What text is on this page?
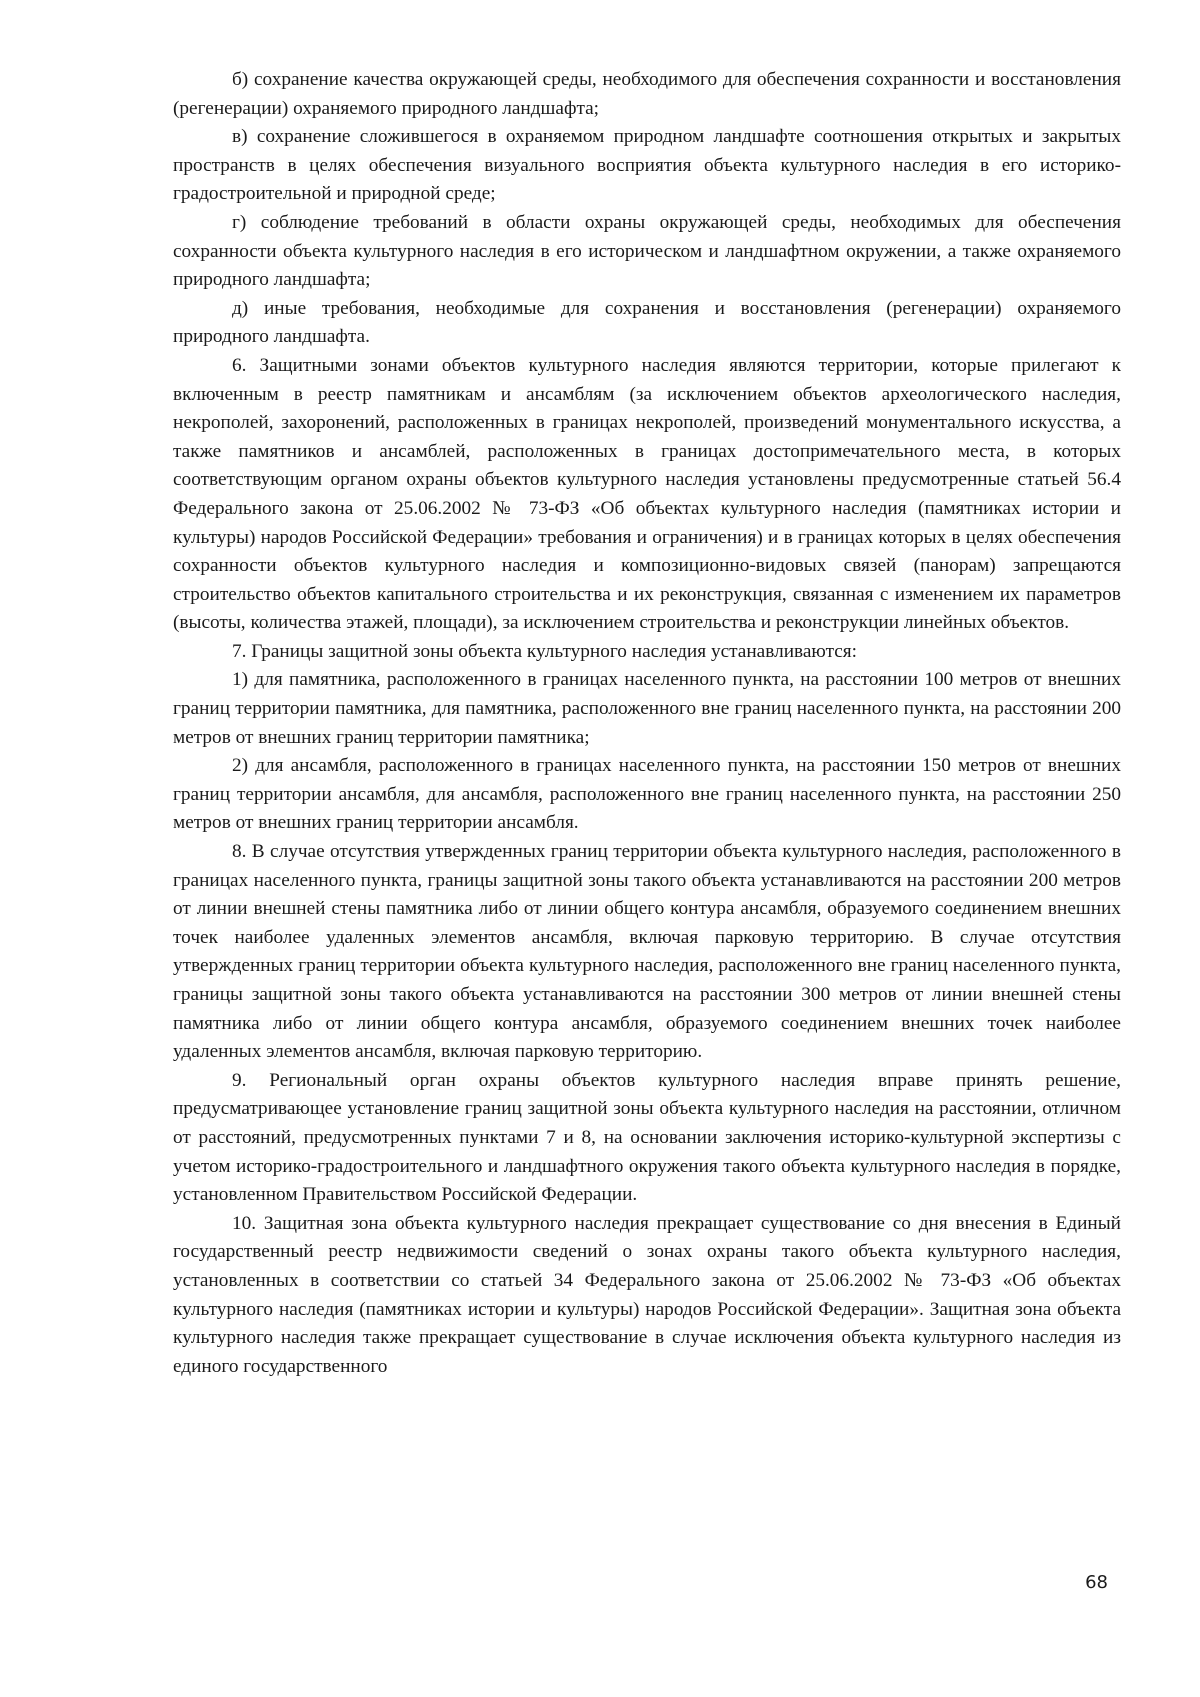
б) сохранение качества окружающей среды, необходимого для обеспечения сохранности и восстановления (регенерации) охраняемого природного ландшафта;

в) сохранение сложившегося в охраняемом природном ландшафте соотношения открытых и закрытых пространств в целях обеспечения визуального восприятия объекта культурного наследия в его историко-градостроительной и природной среде;

г) соблюдение требований в области охраны окружающей среды, необходимых для обеспечения сохранности объекта культурного наследия в его историческом и ландшафтном окружении, а также охраняемого природного ландшафта;

д) иные требования, необходимые для сохранения и восстановления (регенерации) охраняемого природного ландшафта.

6. Защитными зонами объектов культурного наследия являются территории, которые прилегают к включенным в реестр памятникам и ансамблям (за исключением объектов археологического наследия, некрополей, захоронений, расположенных в границах некрополей, произведений монументального искусства, а также памятников и ансамблей, расположенных в границах достопримечательного места, в которых соответствующим органом охраны объектов культурного наследия установлены предусмотренные статьей 56.4 Федерального закона от 25.06.2002 № 73-ФЗ «Об объектах культурного наследия (памятниках истории и культуры) народов Российской Федерации» требования и ограничения) и в границах которых в целях обеспечения сохранности объектов культурного наследия и композиционно-видовых связей (панорам) запрещаются строительство объектов капитального строительства и их реконструкция, связанная с изменением их параметров (высоты, количества этажей, площади), за исключением строительства и реконструкции линейных объектов.

7. Границы защитной зоны объекта культурного наследия устанавливаются:

1) для памятника, расположенного в границах населенного пункта, на расстоянии 100 метров от внешних границ территории памятника, для памятника, расположенного вне границ населенного пункта, на расстоянии 200 метров от внешних границ территории памятника;

2) для ансамбля, расположенного в границах населенного пункта, на расстоянии 150 метров от внешних границ территории ансамбля, для ансамбля, расположенного вне границ населенного пункта, на расстоянии 250 метров от внешних границ территории ансамбля.

8. В случае отсутствия утвержденных границ территории объекта культурного наследия, расположенного в границах населенного пункта, границы защитной зоны такого объекта устанавливаются на расстоянии 200 метров от линии внешней стены памятника либо от линии общего контура ансамбля, образуемого соединением внешних точек наиболее удаленных элементов ансамбля, включая парковую территорию. В случае отсутствия утвержденных границ территории объекта культурного наследия, расположенного вне границ населенного пункта, границы защитной зоны такого объекта устанавливаются на расстоянии 300 метров от линии внешней стены памятника либо от линии общего контура ансамбля, образуемого соединением внешних точек наиболее удаленных элементов ансамбля, включая парковую территорию.

9. Региональный орган охраны объектов культурного наследия вправе принять решение, предусматривающее установление границ защитной зоны объекта культурного наследия на расстоянии, отличном от расстояний, предусмотренных пунктами 7 и 8, на основании заключения историко-культурной экспертизы с учетом историко-градостроительного и ландшафтного окружения такого объекта культурного наследия в порядке, установленном Правительством Российской Федерации.

10. Защитная зона объекта культурного наследия прекращает существование со дня внесения в Единый государственный реестр недвижимости сведений о зонах охраны такого объекта культурного наследия, установленных в соответствии со статьей 34 Федерального закона от 25.06.2002 № 73-ФЗ «Об объектах культурного наследия (памятниках истории и культуры) народов Российской Федерации». Защитная зона объекта культурного наследия также прекращает существование в случае исключения объекта культурного наследия из единого государственного

68
